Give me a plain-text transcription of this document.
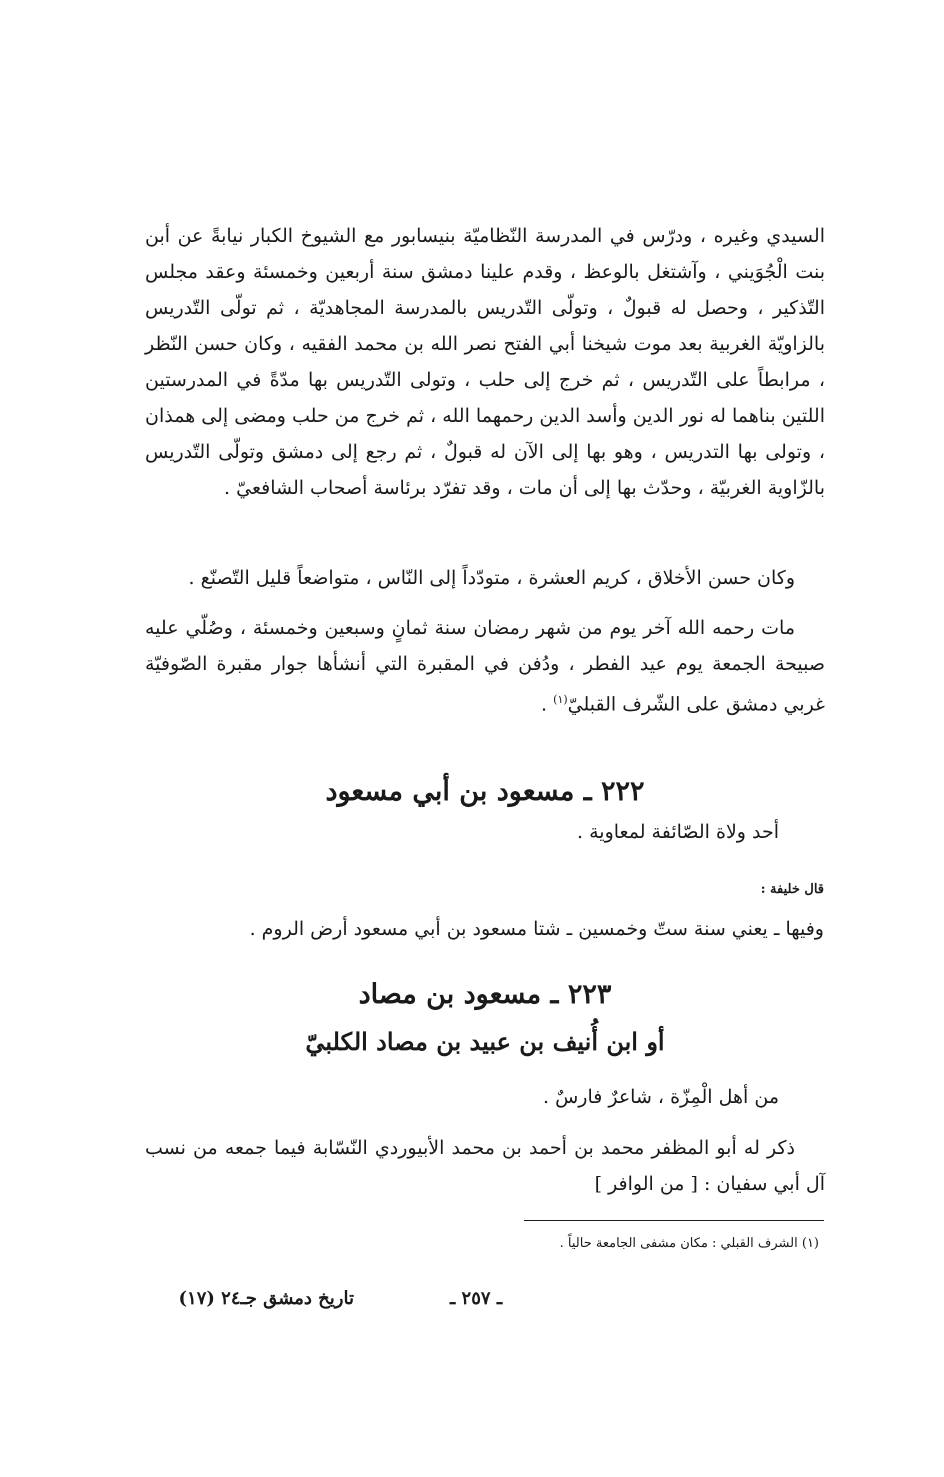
السيدي وغيره ، ودرّس في المدرسة النّظاميّة بنيسابور مع الشيوخ الكبار نيابةً عن أبن بنت الْجُوَيني ، وآشتغل بالوعظ ، وقدم علينا دمشق سنة أربعين وخمسئة وعقد مجلس التّذكير ، وحصل له قبولٌ ، وتولّى التّدريس بالمدرسة المجاهديّة ، ثم تولّى التّدريس بالزاويّة الغربية بعد موت شيخنا أبي الفتح نصر الله بن محمد الفقيه ، وكان حسن النّظر ، مرابطاً على التّدريس ، ثم خرج إلى حلب ، وتولى التّدريس بها مدّةً في المدرستين اللتين بناهما له نور الدين وأسد الدين رحمهما الله ، ثم خرج من حلب ومضى إلى همذان ، وتولى بها التدريس ، وهو بها إلى الآن له قبولٌ ، ثم رجع إلى دمشق وتولّى التّدريس بالزّاوية الغربيّة ، وحدّث بها إلى أن مات ، وقد تفرّد برئاسة أصحاب الشافعيّ .

وكان حسن الأخلاق ، كريم العشرة ، متودّداً إلى النّاس ، متواضعاً قليل التّصنّع .

مات رحمه الله آخر يوم من شهر رمضان سنة ثمانٍ وسبعين وخمسئة ، وصُلّي عليه صبيحة الجمعة يوم عيد الفطر ، ودُفن في المقبرة التي أنشأها جوار مقبرة الصّوفيّة غربي دمشق على الشّرف القبليّ$^{(١)}$ .

٢٢٢ ـ مسعود بن أبي مسعود
أحد ولاة الصّائفة لمعاوية .
قال خليفة :
وفيها ـ يعني سنة ستّ وخمسين ـ شتا مسعود بن أبي مسعود أرض الروم .
٢٢٣ ـ مسعود بن مصاد
أو ابن أُنيف بن عبيد بن مصاد الكلبيّ
من أهل الْمِزّة ، شاعرٌ فارسٌ .
ذكر له أبو المظفر محمد بن أحمد بن محمد الأبيوردي النّسّابة فيما جمعه من نسب آل أبي سفيان : [ من الوافر ]
(١) الشرف القبلي : مكان مشفى الجامعة حالياً .
ـ ٢٥٧ ـ
تاريخ دمشق جـ٢٤ (١٧)
